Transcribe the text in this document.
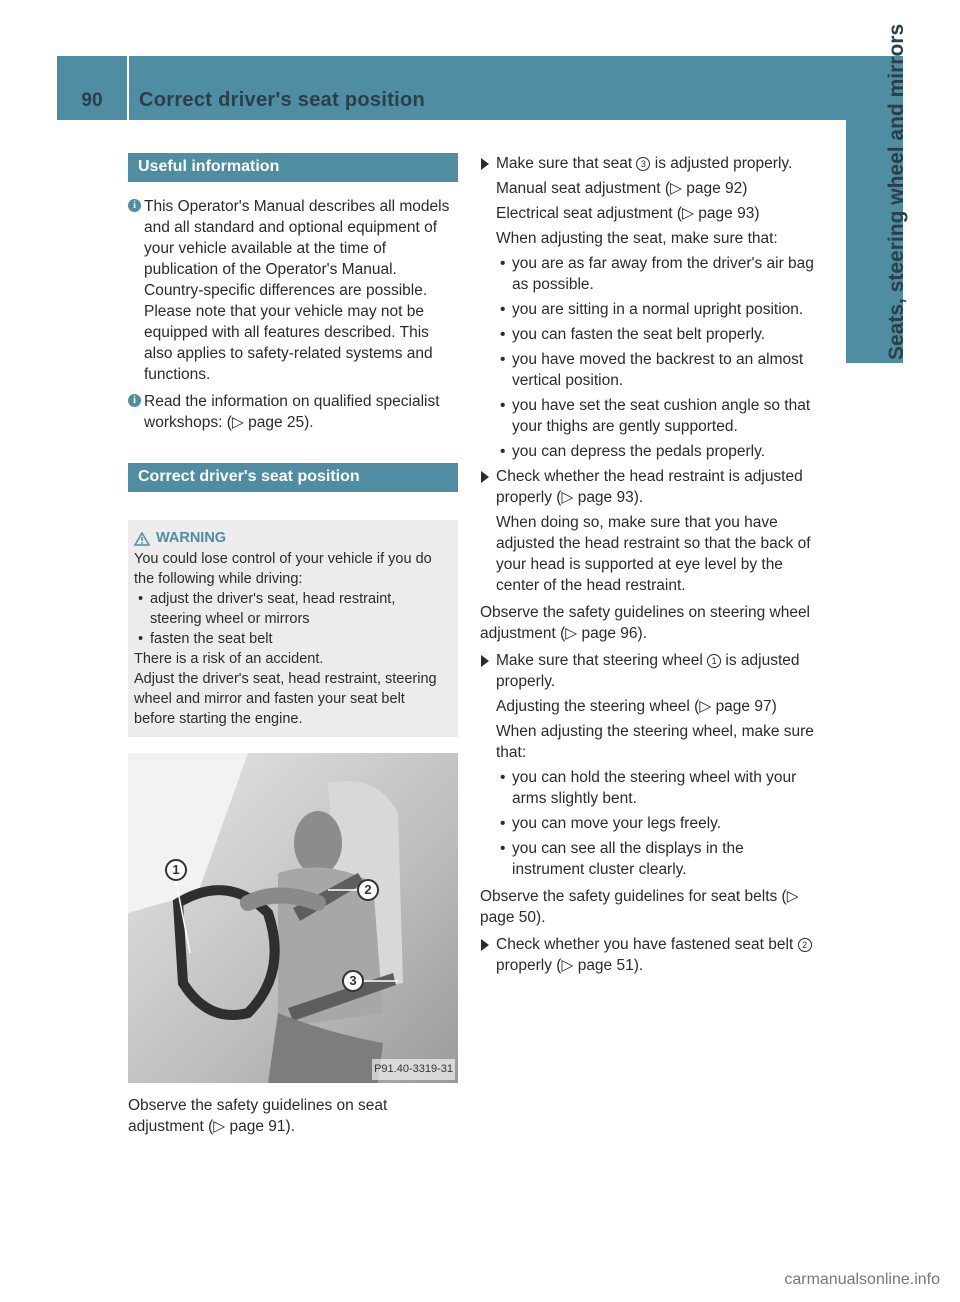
90	Correct driver's seat position	Seats, steering wheel and mirrors
Useful information
i This Operator's Manual describes all models and all standard and optional equipment of your vehicle available at the time of publication of the Operator's Manual. Country-specific differences are possible. Please note that your vehicle may not be equipped with all features described. This also applies to safety-related systems and functions.
i Read the information on qualified specialist workshops: (▷ page 25).
Correct driver's seat position
WARNING

You could lose control of your vehicle if you do the following while driving:

• adjust the driver's seat, head restraint, steering wheel or mirrors

• fasten the seat belt

There is a risk of an accident.

Adjust the driver's seat, head restraint, steering wheel and mirror and fasten your seat belt before starting the engine.

1
2
3
P91.40-3319-31
Observe the safety guidelines on seat adjustment (▷ page 91).
Make sure that seat 3 is adjusted properly.
Manual seat adjustment (▷ page 92)
Electrical seat adjustment (▷ page 93)
When adjusting the seat, make sure that:
• you are as far away from the driver's air bag as possible.
• you are sitting in a normal upright position.
• you can fasten the seat belt properly.
• you have moved the backrest to an almost vertical position.
• you have set the seat cushion angle so that your thighs are gently supported.
• you can depress the pedals properly.
Check whether the head restraint is adjusted properly (▷ page 93).
When doing so, make sure that you have adjusted the head restraint so that the back of your head is supported at eye level by the center of the head restraint.
Observe the safety guidelines on steering wheel adjustment (▷ page 96).
Make sure that steering wheel 1 is adjusted properly.
Adjusting the steering wheel (▷ page 97)
When adjusting the steering wheel, make sure that:
• you can hold the steering wheel with your arms slightly bent.
• you can move your legs freely.
• you can see all the displays in the instrument cluster clearly.
Observe the safety guidelines for seat belts (▷ page 50).
Check whether you have fastened seat belt 2 properly (▷ page 51).
carmanualsonline.info
